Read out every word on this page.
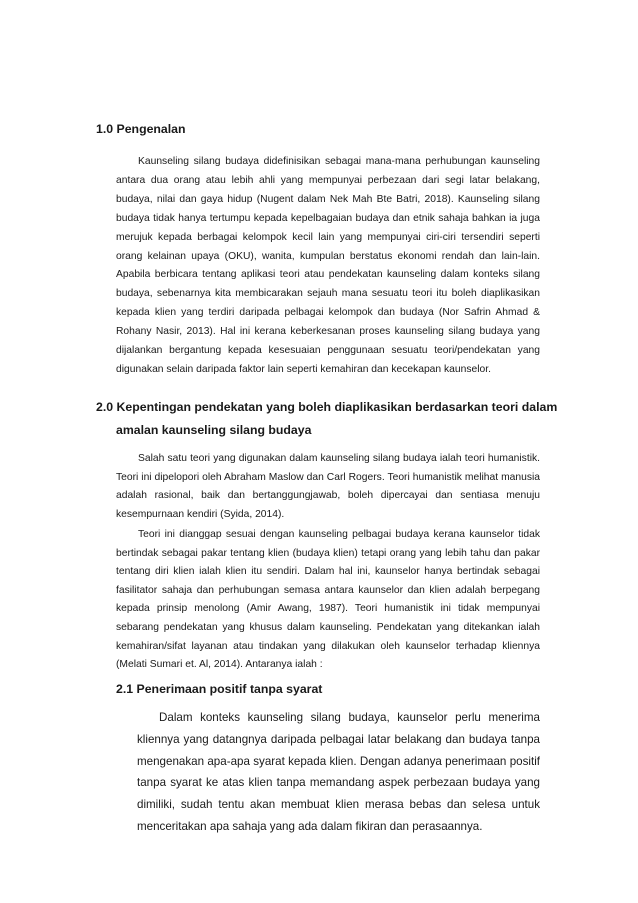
1.0 Pengenalan
Kaunseling silang budaya didefinisikan sebagai mana-mana perhubungan kaunseling antara dua orang atau lebih ahli yang mempunyai perbezaan dari segi latar belakang, budaya, nilai dan gaya hidup (Nugent dalam Nek Mah Bte Batri, 2018). Kaunseling silang budaya tidak hanya tertumpu kepada kepelbagaian budaya dan etnik sahaja bahkan ia juga merujuk kepada berbagai kelompok kecil lain yang mempunyai ciri-ciri tersendiri seperti orang kelainan upaya (OKU), wanita, kumpulan berstatus ekonomi rendah dan lain-lain. Apabila berbicara tentang aplikasi teori atau pendekatan kaunseling dalam konteks silang budaya, sebenarnya kita membicarakan sejauh mana sesuatu teori itu boleh diaplikasikan kepada klien yang terdiri daripada pelbagai kelompok dan budaya (Nor Safrin Ahmad & Rohany Nasir, 2013). Hal ini kerana keberkesanan proses kaunseling silang budaya yang dijalankan bergantung kepada kesesuaian penggunaan sesuatu teori/pendekatan yang digunakan selain daripada faktor lain seperti kemahiran dan kecekapan kaunselor.
2.0 Kepentingan pendekatan yang boleh diaplikasikan berdasarkan teori dalam
amalan kaunseling silang budaya
Salah satu teori yang digunakan dalam kaunseling silang budaya ialah teori humanistik. Teori ini dipelopori oleh Abraham Maslow dan Carl Rogers. Teori humanistik melihat manusia adalah rasional, baik dan bertanggungjawab, boleh dipercayai dan sentiasa menuju kesempurnaan kendiri (Syida, 2014).
Teori ini dianggap sesuai dengan kaunseling pelbagai budaya kerana kaunselor tidak bertindak sebagai pakar tentang klien (budaya klien) tetapi orang yang lebih tahu dan pakar tentang diri klien ialah klien itu sendiri. Dalam hal ini, kaunselor hanya bertindak sebagai fasilitator sahaja dan perhubungan semasa antara kaunselor dan klien adalah berpegang kepada prinsip menolong (Amir Awang, 1987). Teori humanistik ini tidak mempunyai sebarang pendekatan yang khusus dalam kaunseling. Pendekatan yang ditekankan ialah kemahiran/sifat layanan atau tindakan yang dilakukan oleh kaunselor terhadap kliennya (Melati Sumari et. Al, 2014). Antaranya ialah :
2.1 Penerimaan positif tanpa syarat
Dalam konteks kaunseling silang budaya, kaunselor perlu menerima kliennya yang datangnya daripada pelbagai latar belakang dan budaya tanpa mengenakan apa-apa syarat kepada klien. Dengan adanya penerimaan positif tanpa syarat ke atas klien tanpa memandang aspek perbezaan budaya yang dimiliki, sudah tentu akan membuat klien merasa bebas dan selesa untuk menceritakan apa sahaja yang ada dalam fikiran dan perasaannya.
